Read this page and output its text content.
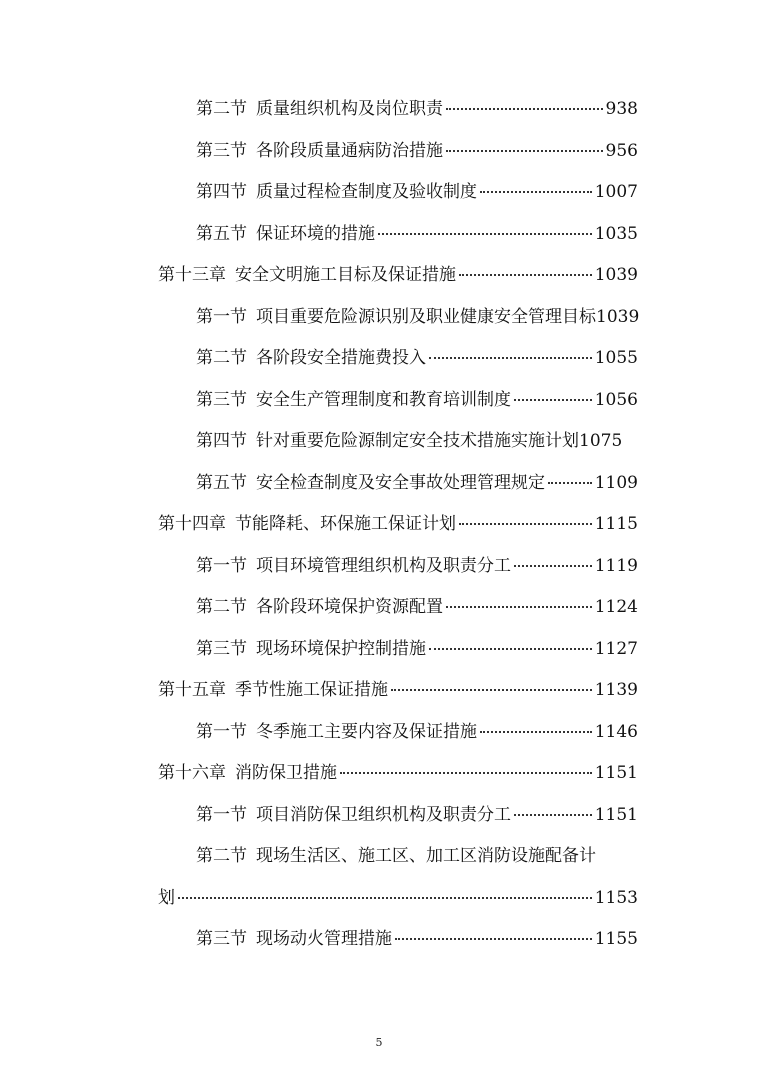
第二节 质量组织机构及岗位职责	938
第三节 各阶段质量通病防治措施	956
第四节 质量过程检查制度及验收制度	1007
第五节 保证环境的措施	1035
第十三章 安全文明施工目标及保证措施	1039
第一节 项目重要危险源识别及职业健康安全管理目标 1039
第二节 各阶段安全措施费投入	1055
第三节 安全生产管理制度和教育培训制度	1056
第四节 针对重要危险源制定安全技术措施实施计划 1075
第五节 安全检查制度及安全事故处理管理规定	1109
第十四章 节能降耗、环保施工保证计划	1115
第一节 项目环境管理组织机构及职责分工	1119
第二节 各阶段环境保护资源配置	1124
第三节 现场环境保护控制措施	1127
第十五章 季节性施工保证措施	1139
第一节 冬季施工主要内容及保证措施	1146
第十六章 消防保卫措施	1151
第一节 项目消防保卫组织机构及职责分工	1151
第二节 现场生活区、施工区、加工区消防设施配备计
划	1153
第三节 现场动火管理措施	1155
5
